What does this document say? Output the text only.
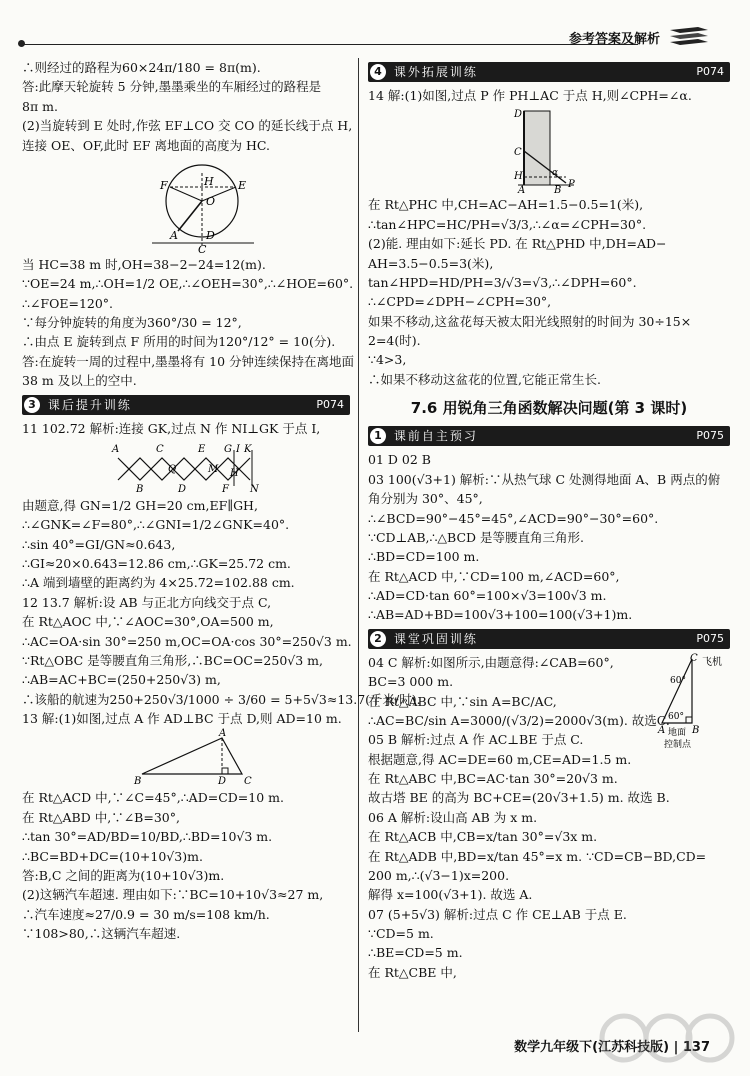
参考答案及解析

∴则经过的路程为60×24π/180 = 8π(m).

答:此摩天轮旋转 5 分钟,墨墨乘坐的车厢经过的路程是

8π m.

(2)当旋转到 E 处时,作弦 EF⊥CO 交 CO 的延长线于点 H,

连接 OE、OF,此时 EF 离地面的高度为 HC.

F	E
H
O
A	D
C

当 HC=38 m 时,OH=38−2−24=12(m).

∵OE=24 m,∴OH=1/2 OE,∴∠OEH=30°,∴∠HOE=60°.

∴∠FOE=120°.

∵每分钟旋转的角度为360°/30 = 12°,

∴由点 E 旋转到点 F 所用的时间为120°/12° = 10(分).

答:在旋转一周的过程中,墨墨将有 10 分钟连续保持在离地面

38 m 及以上的空中.

3 课后提升训练	P074

11 102.72 解析:连接 GK,过点 N 作 NI⊥GK 于点 I,

A	C	E G I K
B
Q	M
D	F
H
N

由题意,得 GN=1/2 GH=20 cm,EF∥GH,

∴∠GNK=∠F=80°,∴∠GNI=1/2∠GNK=40°.

∴sin 40°=GI/GN≈0.643,

∴GI≈20×0.643=12.86 cm,∴GK=25.72 cm.

∴A 端到墙壁的距离约为 4×25.72=102.88 cm.

12 13.7 解析:设 AB 与正北方向线交于点 C,

在 Rt△AOC 中,∵∠AOC=30°,OA=500 m,

∴AC=OA·sin 30°=250 m,OC=OA·cos 30°=250√3 m.

∵Rt△OBC 是等腰直角三角形,∴BC=OC=250√3 m,

∴AB=AC+BC=(250+250√3) m,

∴该船的航速为250+250√3/1000 ÷ 3/60 = 5+5√3≈13.7(千米/时).

13 解:(1)如图,过点 A 作 AD⊥BC 于点 D,则 AD=10 m.

A
B	D C

在 Rt△ACD 中,∵∠C=45°,∴AD=CD=10 m.

在 Rt△ABD 中,∵∠B=30°,

∴tan 30°=AD/BD=10/BD,∴BD=10√3 m.

∴BC=BD+DC=(10+10√3)m.

答:B,C 之间的距离为(10+10√3)m.

(2)这辆汽车超速. 理由如下:∵BC=10+10√3≈27 m,

∴汽车速度≈27/0.9 = 30 m/s=108 km/h.

∵108>80,∴这辆汽车超速.

4 课外拓展训练	P074

14 解:(1)如图,过点 P 作 PH⊥AC 于点 H,则∠CPH=∠α.

D
C
H
A	B
P
α

在 Rt△PHC 中,CH=AC−AH=1.5−0.5=1(米),

∴tan∠HPC=HC/PH=√3/3,∴∠α=∠CPH=30°.

(2)能. 理由如下:延长 PD. 在 Rt△PHD 中,DH=AD−

AH=3.5−0.5=3(米),

tan∠HPD=HD/PH=3/√3=√3,∴∠DPH=60°.

∴∠CPD=∠DPH−∠CPH=30°,

如果不移动,这盆花每天被太阳光线照射的时间为 30÷15×

2=4(时).

∵4>3,

∴如果不移动这盆花的位置,它能正常生长.

7.6 用锐角三角函数解决问题(第 3 课时)
1 课前自主预习	P075

01 D 02 B

03 100(√3+1) 解析:∵从热气球 C 处测得地面 A、B 两点的俯

角分别为 30°、45°,

∴∠BCD=90°−45°=45°,∠ACD=90°−30°=60°.

∵CD⊥AB,∴△BCD 是等腰直角三角形.

∴BD=CD=100 m.

在 Rt△ACD 中,∵CD=100 m,∠ACD=60°,

∴AD=CD·tan 60°=100×√3=100√3 m.

∴AB=AD+BD=100√3+100=100(√3+1)m.

2 课堂巩固训练	P075

04 C 解析:如图所示,由题意得:∠CAB=60°,

BC=3 000 m.

在 Rt△ABC 中,∵sin A=BC/AC,

∴AC=BC/sin A=3000/(√3/2)=2000√3(m). 故选C.

C 飞机
60°
60°
A	B
地面
控制点

05 B 解析:过点 A 作 AC⊥BE 于点 C.

根据题意,得 AC=DE=60 m,CE=AD=1.5 m.

在 Rt△ABC 中,BC=AC·tan 30°=20√3 m.

故古塔 BE 的高为 BC+CE=(20√3+1.5) m. 故选 B.

06 A 解析:设山高 AB 为 x m.

在 Rt△ACB 中,CB=x/tan 30°=√3x m.

在 Rt△ADB 中,BD=x/tan 45°=x m. ∵CD=CB−BD,CD=

200 m,∴(√3−1)x=200.

解得 x=100(√3+1). 故选 A.

07 (5+5√3) 解析:过点 C 作 CE⊥AB 于点 E.

∵CD=5 m.

∴BE=CD=5 m.

在 Rt△CBE 中,

数学九年级下(江苏科技版) | 137
